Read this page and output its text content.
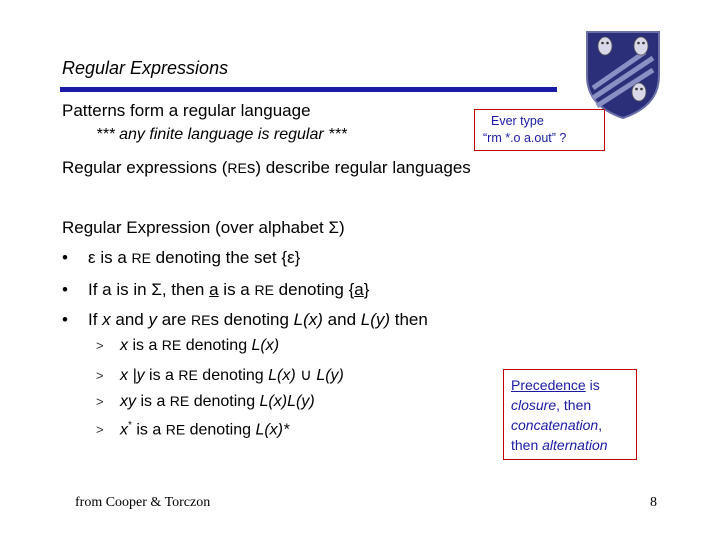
Regular Expressions
Patterns form a regular language
*** any finite language is regular ***
Ever type
“rm *.o a.out” ?
Regular expressions (REs) describe regular languages
Regular Expression (over alphabet Σ)
• ε is a RE denoting the set {ε}
• If a is in Σ, then a is a RE denoting {a}
• If x and y are REs denoting L(x) and L(y) then
> x is a RE denoting L(x)
> x |y is a RE denoting L(x) ∪ L(y)
> xy is a RE denoting L(x)L(y)
> x* is a RE denoting L(x)*
Precedence is
closure, then
concatenation,
then alternation
from Cooper & Torczon	8
